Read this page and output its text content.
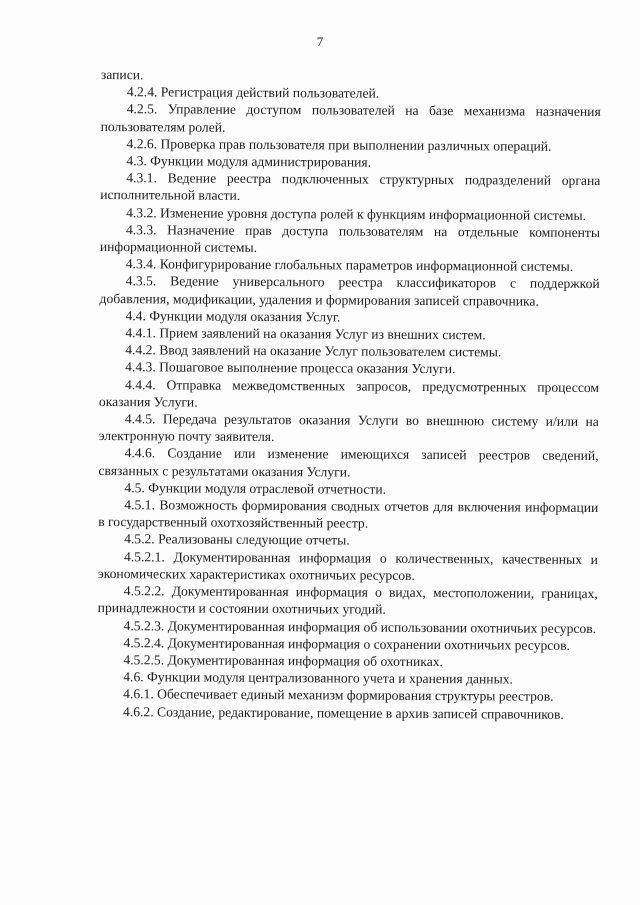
7

записи.

4.2.4. Регистрация действий пользователей.

4.2.5. Управление доступом пользователей на базе механизма назначения пользователям ролей.

4.2.6. Проверка прав пользователя при выполнении различных операций.

4.3. Функции модуля администрирования.

4.3.1. Ведение реестра подключенных структурных подразделений органа исполнительной власти.

4.3.2. Изменение уровня доступа ролей к функциям информационной системы.

4.3.3. Назначение прав доступа пользователям на отдельные компоненты информационной системы.

4.3.4. Конфигурирование глобальных параметров информационной системы.

4.3.5. Ведение универсального реестра классификаторов с поддержкой добавления, модификации, удаления и формирования записей справочника.

4.4. Функции модуля оказания Услуг.

4.4.1. Прием заявлений на оказания Услуг из внешних систем.

4.4.2. Ввод заявлений на оказание Услуг пользователем системы.

4.4.3. Пошаговое выполнение процесса оказания Услуги.

4.4.4. Отправка межведомственных запросов, предусмотренных процессом оказания Услуги.

4.4.5. Передача результатов оказания Услуги во внешнюю систему и/или на электронную почту заявителя.

4.4.6. Создание или изменение имеющихся записей реестров сведений, связанных с результатами оказания Услуги.

4.5. Функции модуля отраслевой отчетности.

4.5.1. Возможность формирования сводных отчетов для включения информации в государственный охотхозяйственный реестр.

4.5.2. Реализованы следующие отчеты.

4.5.2.1. Документированная информация о количественных, качественных и экономических характеристиках охотничьих ресурсов.

4.5.2.2. Документированная информация о видах, местоположении, границах, принадлежности и состоянии охотничьих угодий.

4.5.2.3. Документированная информация об использовании охотничьих ресурсов.

4.5.2.4. Документированная информация о сохранении охотничьих ресурсов.

4.5.2.5. Документированная информация об охотниках.

4.6. Функции модуля централизованного учета и хранения данных.

4.6.1. Обеспечивает единый механизм формирования структуры реестров.

4.6.2. Создание, редактирование, помещение в архив записей справочников.
